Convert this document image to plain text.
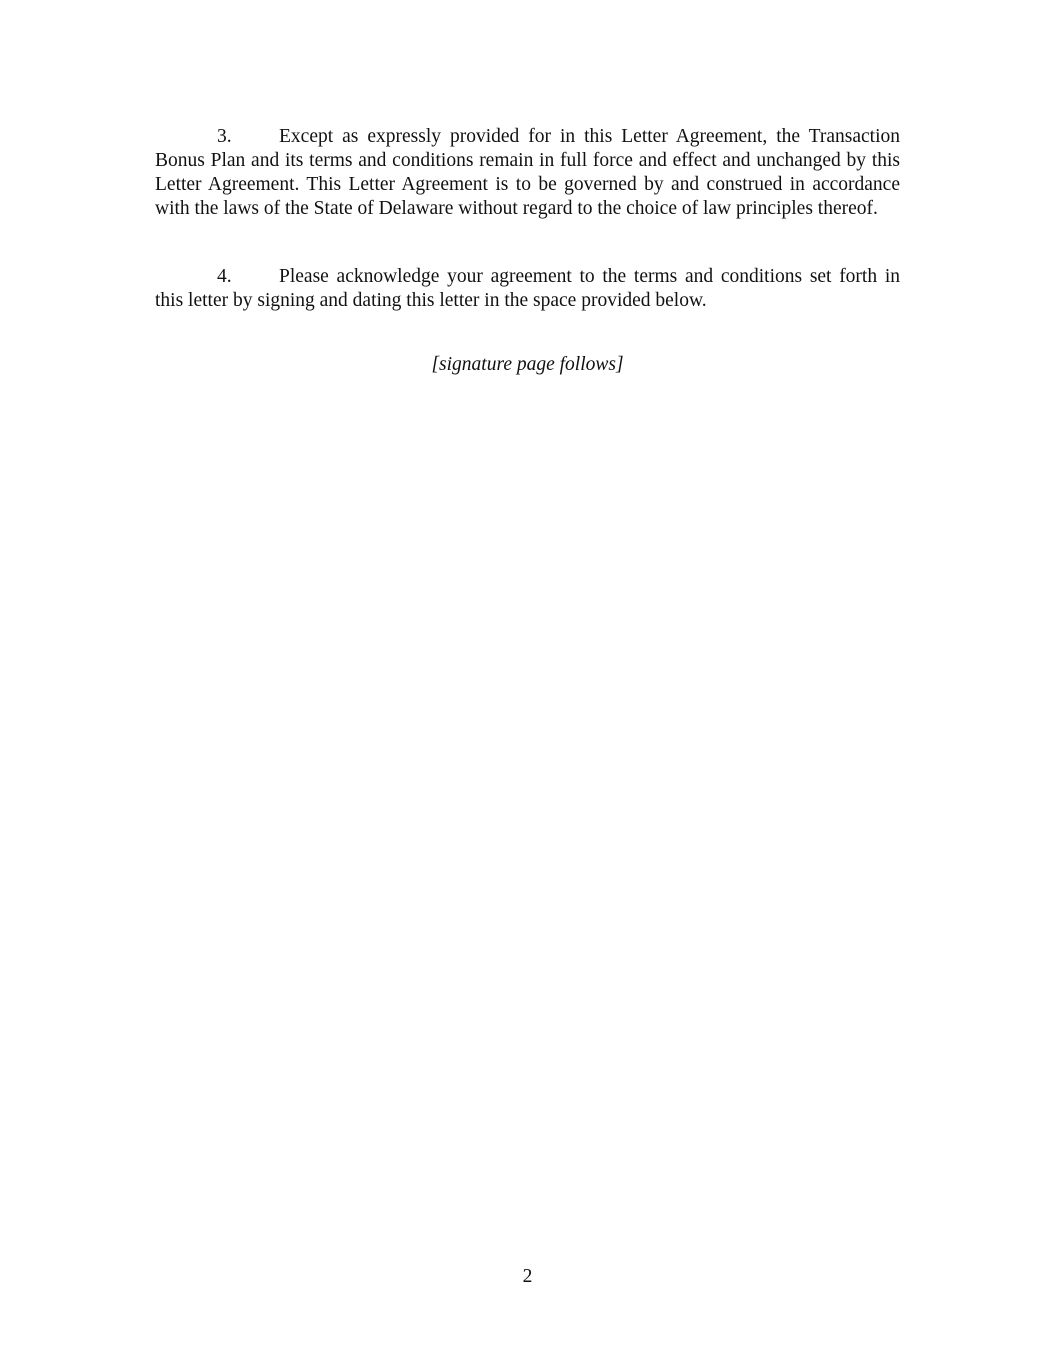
3. Except as expressly provided for in this Letter Agreement, the Transaction Bonus Plan and its terms and conditions remain in full force and effect and unchanged by this Letter Agreement. This Letter Agreement is to be governed by and construed in accordance with the laws of the State of Delaware without regard to the choice of law principles thereof.

4. Please acknowledge your agreement to the terms and conditions set forth in this letter by signing and dating this letter in the space provided below.

[signature page follows]

2
